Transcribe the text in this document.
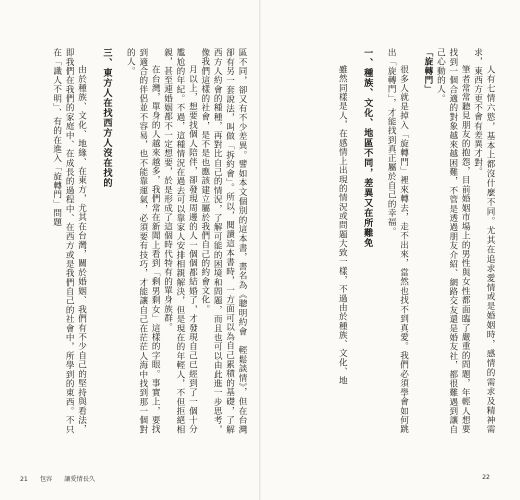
區不同，卻又有不少差異。譬如本文個別的這本書，書名為《聰明約會　輕鬆談情》，但在台灣卻有另一套說法，叫做「拆約會」。所以，閱讀這本書時，一方面可以為自己累積的基礎，了解西方人約會的種種，再對比自己的情況，了解可能的困境和問題，而且也可以由此進一步思考，像我們這樣的社會，是不是也應該建立屬於我們自己的約會文化。

月以上，想要找個人陪伴，卻發現周邊的人一個個都結婚了，才發現自己已經到了一個十分尷尬的年紀。不過，這種情況在過去可以靠家人安排相親解決，但是現在的年輕人，不但拒絕相親，甚至連婚姻都不一定想要，於是形成了這個時代特有的單身族群。

在台灣，單身的人越來越多，我們常在新聞上看到「剩男剩女」這樣的字眼。事實上，要找到適合的伴侶並不容易，也不能靠運氣，必須要有技巧，才能讓自己在茫茫人海中找到那一個對的人。

三、東方人在找西方人沒在找的

由於種族、文化、地緣、在東方，尤其在台灣，關於婚姻、我們有不少自己的堅持與看法，即我們在我們的家庭中、在成長的過程中、在西方或是我們自己的社會中，所學到的東西。不只在「識人不明」、有的在進入「旋轉門」問題	人有七情六慾，基本上都沒什麼不同。尤其在追求愛情或是婚姻時，感情的需求及精神需求，東西方更不會有差異才對。

筆者常常聽見朋友的抱怨，目前婚姻市場上的男性與女性都面臨了嚴重的問題，年輕人想要找到一個合適的對象越來越困難，不管是透過朋友介紹、網路交友還是婚友社，都很難遇到讓自己心動的人。

「旋轉門」

很多人就是掉入「旋轉門」裡來轉去，走不出來，當然也找不到真愛。我們必須學會如何跳出「旋轉門」，才能找到真正屬於自己的幸福。

一、種族、文化、地區不同，差異又在所難免

雖然同樣是人，在感情上出現的情況或問題大致一樣，不過由於種族、文化、地

21 包容 讓愛情長久	22
